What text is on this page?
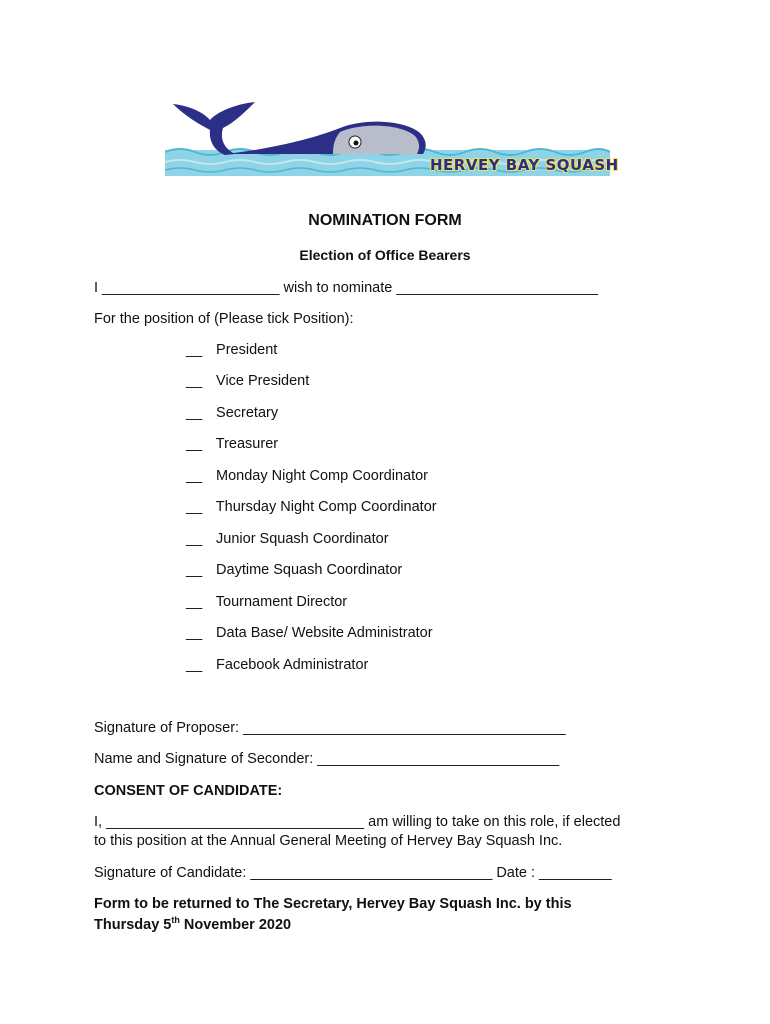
HERVEY BAY SQUASH
NOMINATION FORM
Election of Office Bearers
I ______________________ wish to nominate _________________________
For the position of (Please tick Position):
__ President
__ Vice President
__ Secretary
__ Treasurer
__ Monday Night Comp Coordinator
__ Thursday Night Comp Coordinator
__ Junior Squash Coordinator
__ Daytime Squash Coordinator
__ Tournament Director
__ Data Base/ Website Administrator
__ Facebook Administrator
Signature of Proposer: ________________________________________
Name and Signature of Seconder: ______________________________
CONSENT OF CANDIDATE:
I, ________________________________ am willing to take on this role, if elected
to this position at the Annual General Meeting of Hervey Bay Squash Inc.
Signature of Candidate: ______________________________ Date : _________
Form to be returned to The Secretary, Hervey Bay Squash Inc. by this
Thursday 5th November 2020
